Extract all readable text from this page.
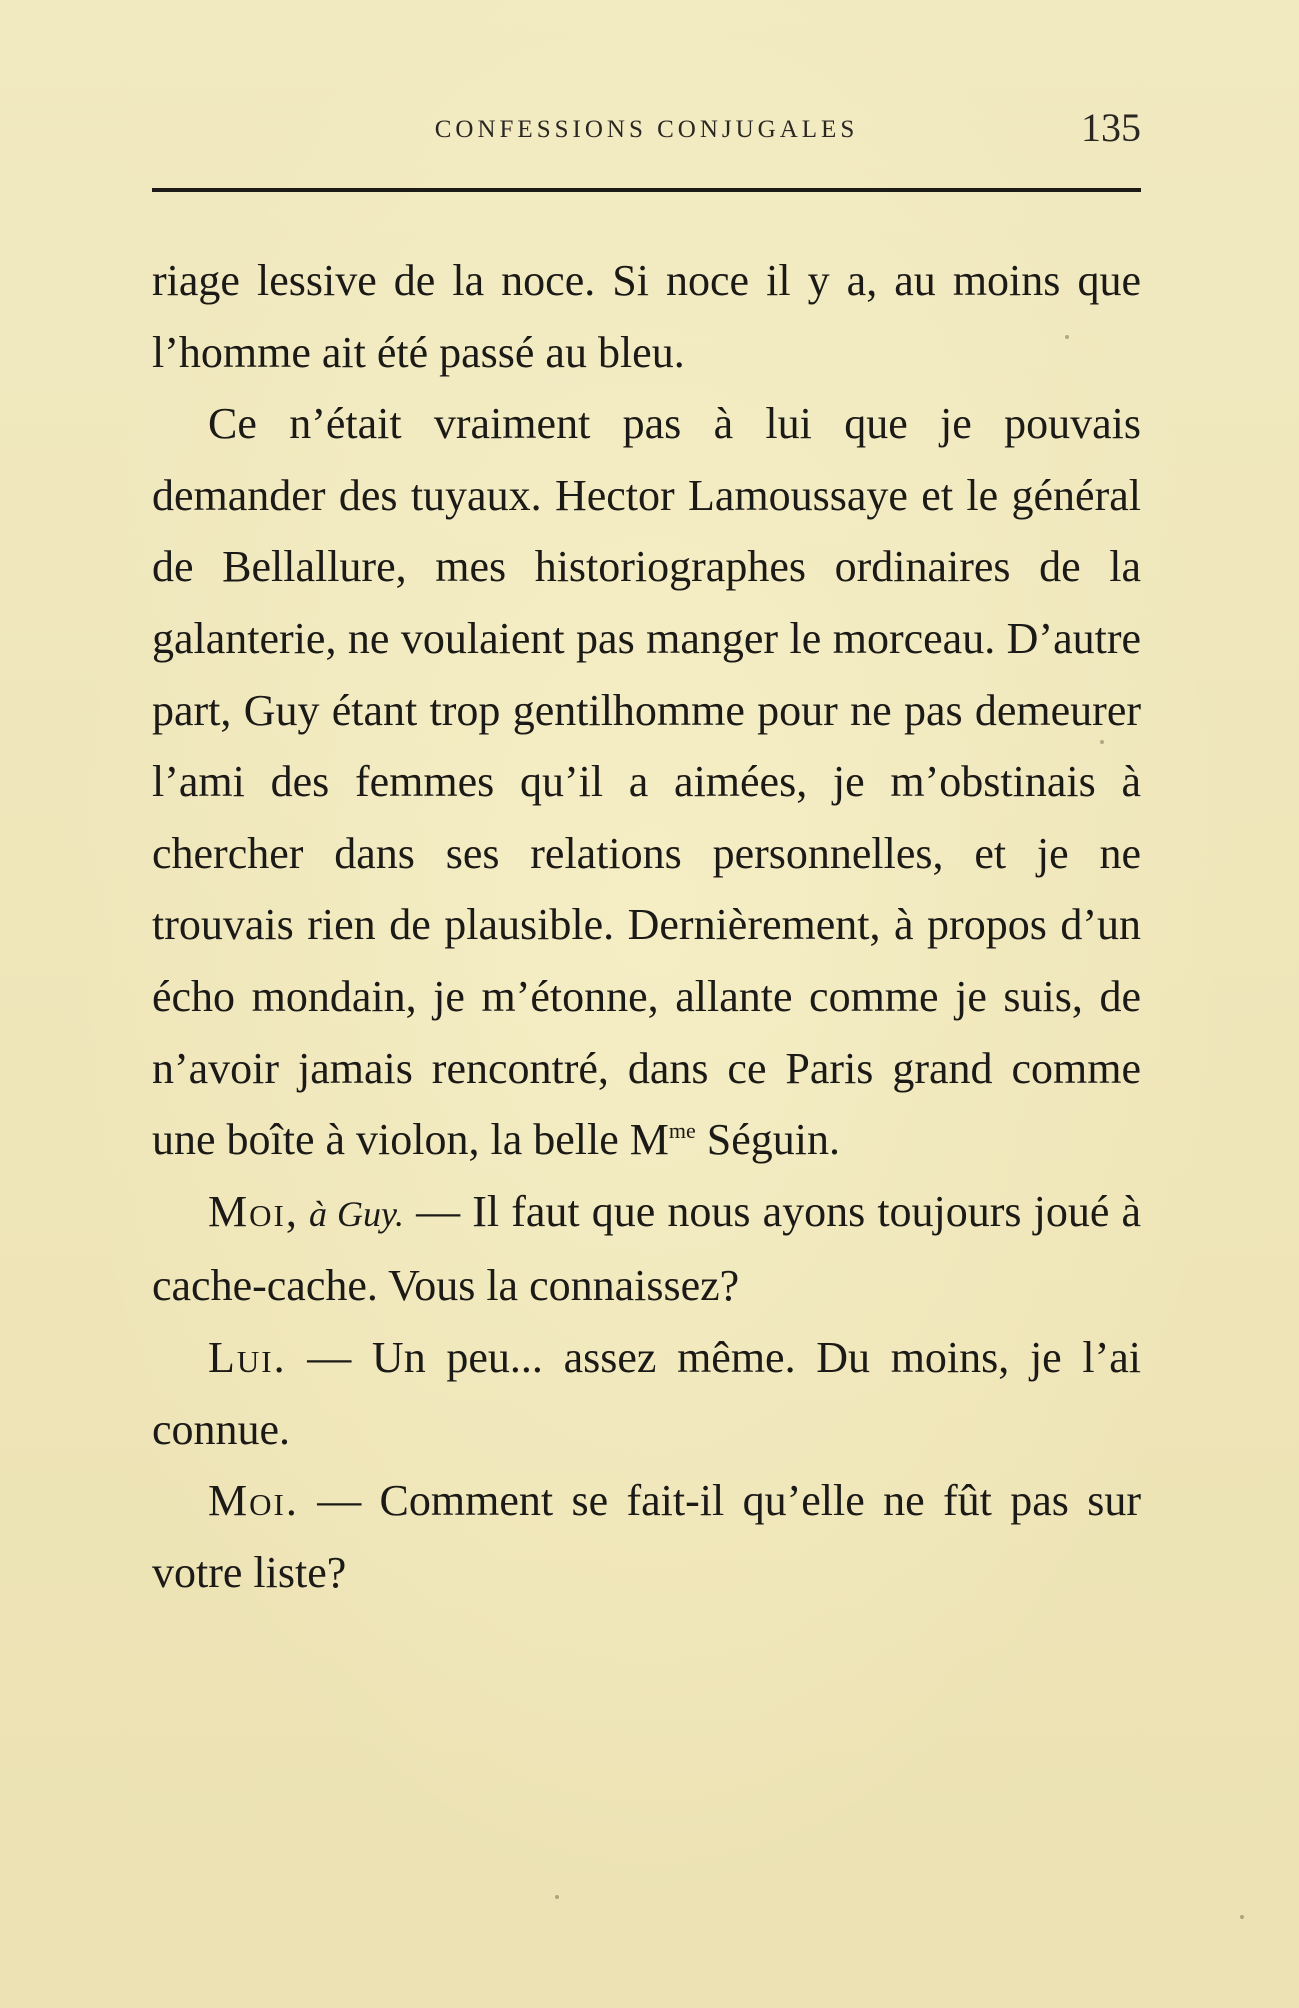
CONFESSIONS CONJUGALES	135

riage lessive de la noce. Si noce il y a, au moins que l’homme ait été passé au bleu.

Ce n’était vraiment pas à lui que je pouvais demander des tuyaux. Hector Lamoussaye et le général de Bellallure, mes historiographes ordinaires de la galanterie, ne voulaient pas manger le morceau. D’autre part, Guy étant trop gentilhomme pour ne pas demeurer l’ami des femmes qu’il a aimées, je m’obstinais à chercher dans ses relations personnelles, et je ne trouvais rien de plausible. Dernièrement, à propos d’un écho mondain, je m’étonne, allante comme je suis, de n’avoir jamais rencontré, dans ce Paris grand comme une boîte à violon, la belle $M^{me}$ Séguin.

Moi, à Guy. — Il faut que nous ayons toujours joué à cache-cache. Vous la connaissez?

Lui. — Un peu... assez même. Du moins, je l’ai connue.

Moi. — Comment se fait-il qu’elle ne fût pas sur votre liste?
